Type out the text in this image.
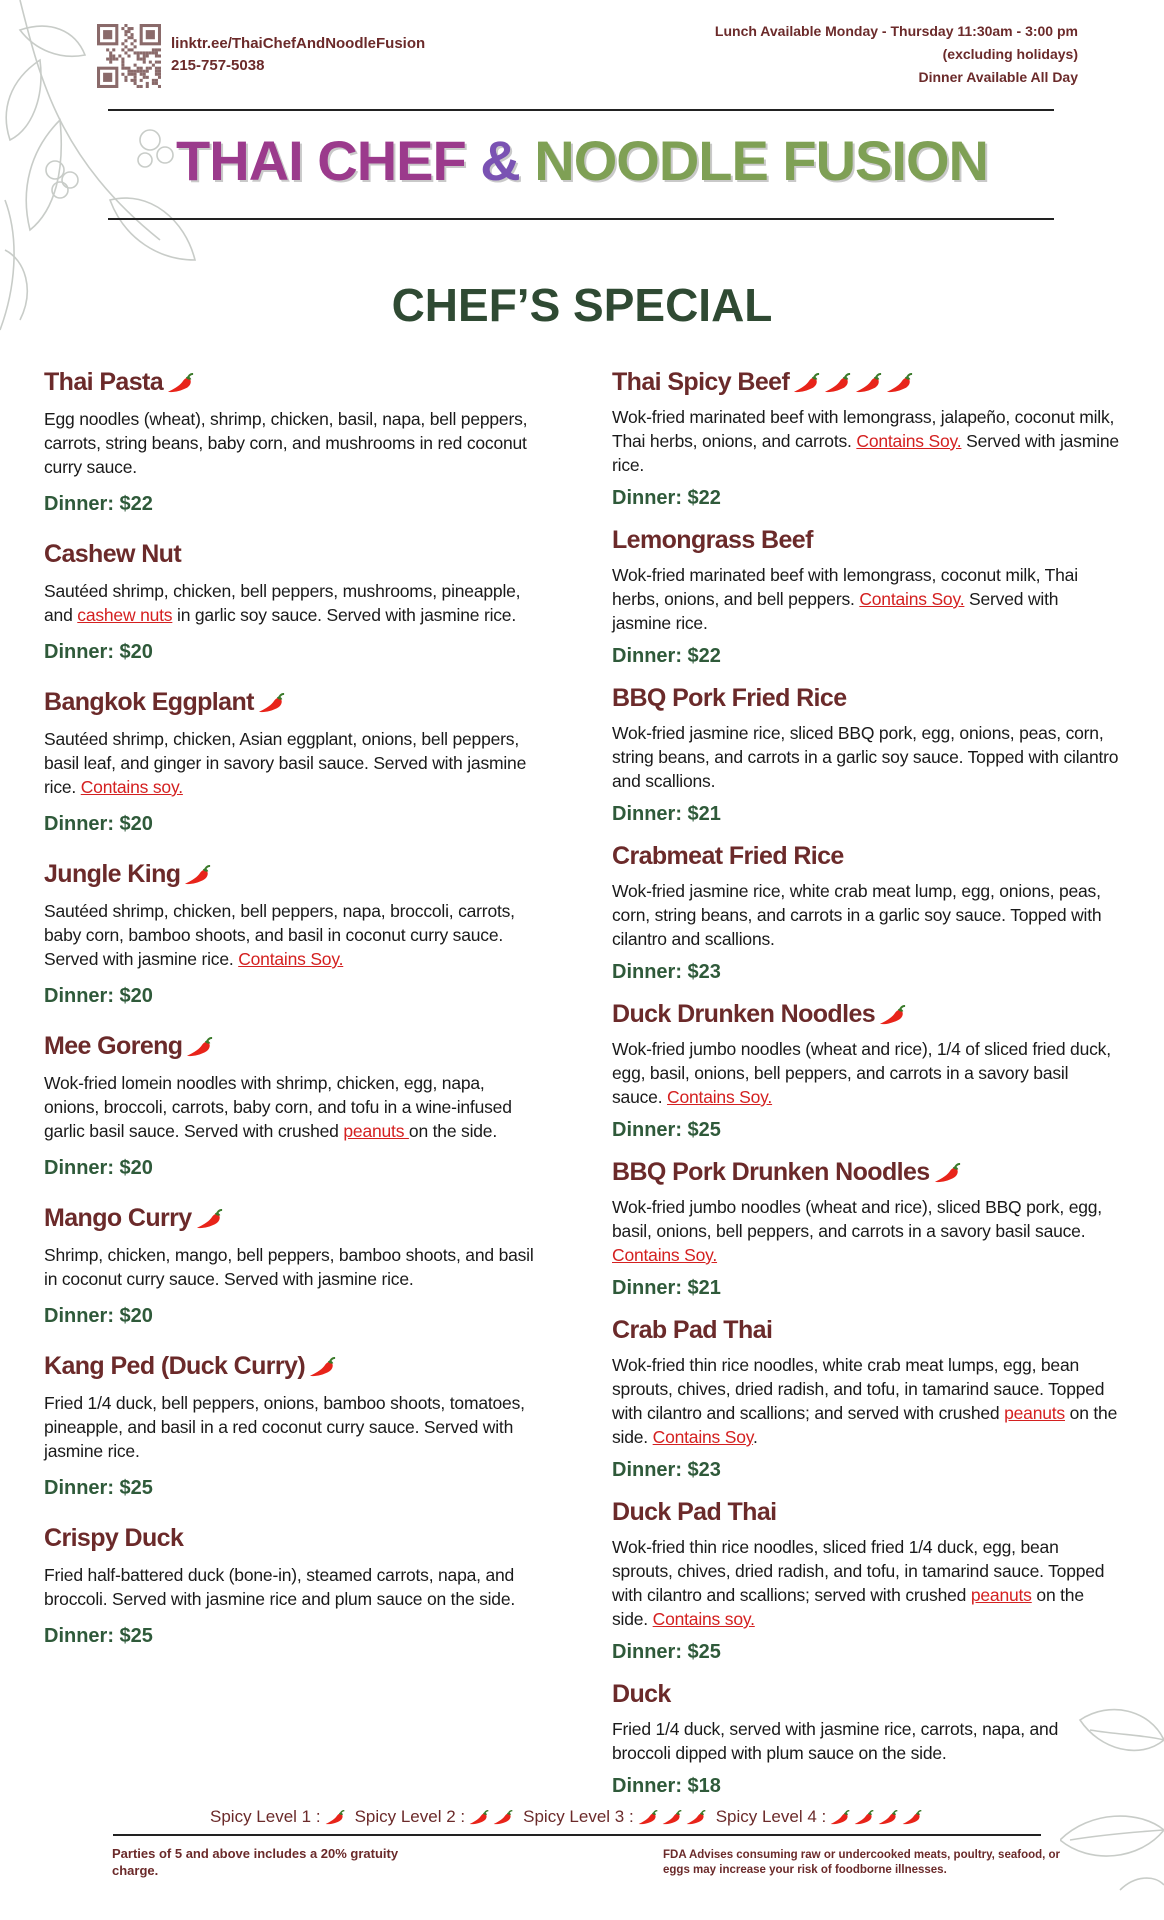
linktr.ee/ThaiChefAndNoodleFusion
215-757-5038
Lunch Available Monday - Thursday 11:30am - 3:00 pm
(excluding holidays)
Dinner Available All Day
THAI CHEF & NOODLE FUSION
CHEF’S SPECIAL
Thai Pasta
Egg noodles (wheat), shrimp, chicken, basil, napa, bell peppers, carrots, string beans, baby corn, and mushrooms in red coconut curry sauce.
Dinner: $22
Cashew Nut
Sautéed shrimp, chicken, bell peppers, mushrooms, pineapple, and cashew nuts in garlic soy sauce. Served with jasmine rice.
Dinner: $20
Bangkok Eggplant
Sautéed shrimp, chicken, Asian eggplant, onions, bell peppers, basil leaf, and ginger in savory basil sauce. Served with jasmine rice. Contains soy.
Dinner: $20
Jungle King
Sautéed shrimp, chicken, bell peppers, napa, broccoli, carrots, baby corn, bamboo shoots, and basil in coconut curry sauce. Served with jasmine rice. Contains Soy.
Dinner: $20
Mee Goreng
Wok-fried lomein noodles with shrimp, chicken, egg, napa, onions, broccoli, carrots, baby corn, and tofu in a wine-infused garlic basil sauce. Served with crushed peanuts on the side.
Dinner: $20
Mango Curry
Shrimp, chicken, mango, bell peppers, bamboo shoots, and basil in coconut curry sauce. Served with jasmine rice.
Dinner: $20
Kang Ped (Duck Curry)
Fried 1/4 duck, bell peppers, onions, bamboo shoots, tomatoes, pineapple, and basil in a red coconut curry sauce. Served with jasmine rice.
Dinner: $25
Crispy Duck
Fried half-battered duck (bone-in), steamed carrots, napa, and broccoli. Served with jasmine rice and plum sauce on the side.
Dinner: $25
Thai Spicy Beef
Wok-fried marinated beef with lemongrass, jalapeño, coconut milk, Thai herbs, onions, and carrots. Contains Soy. Served with jasmine rice.
Dinner: $22
Lemongrass Beef
Wok-fried marinated beef with lemongrass, coconut milk, Thai herbs, onions, and bell peppers. Contains Soy. Served with jasmine rice.
Dinner: $22
BBQ Pork Fried Rice
Wok-fried jasmine rice, sliced BBQ pork, egg, onions, peas, corn, string beans, and carrots in a garlic soy sauce. Topped with cilantro and scallions.
Dinner: $21
Crabmeat Fried Rice
Wok-fried jasmine rice, white crab meat lump, egg, onions, peas, corn, string beans, and carrots in a garlic soy sauce. Topped with cilantro and scallions.
Dinner: $23
Duck Drunken Noodles
Wok-fried jumbo noodles (wheat and rice), 1/4 of sliced fried duck, egg, basil, onions, bell peppers, and carrots in a savory basil sauce. Contains Soy.
Dinner: $25
BBQ Pork Drunken Noodles
Wok-fried jumbo noodles (wheat and rice), sliced BBQ pork, egg, basil, onions, bell peppers, and carrots in a savory basil sauce. Contains Soy.
Dinner: $21
Crab Pad Thai
Wok-fried thin rice noodles, white crab meat lumps, egg, bean sprouts, chives, dried radish, and tofu, in tamarind sauce. Topped with cilantro and scallions; and served with crushed peanuts on the side. Contains Soy.
Dinner: $23
Duck Pad Thai
Wok-fried thin rice noodles, sliced fried 1/4 duck, egg, bean sprouts, chives, dried radish, and tofu, in tamarind sauce. Topped with cilantro and scallions; served with crushed peanuts on the side. Contains soy.
Dinner: $25
Duck
Fried 1/4 duck, served with jasmine rice, carrots, napa, and broccoli dipped with plum sauce on the side.
Dinner: $18
Spicy Level 1 : Spicy Level 2 :	Spicy Level 3 :	Spicy Level 4 :
Parties of 5 and above includes a 20% gratuity charge.
FDA Advises consuming raw or undercooked meats, poultry, seafood, or eggs may increase your risk of foodborne illnesses.
